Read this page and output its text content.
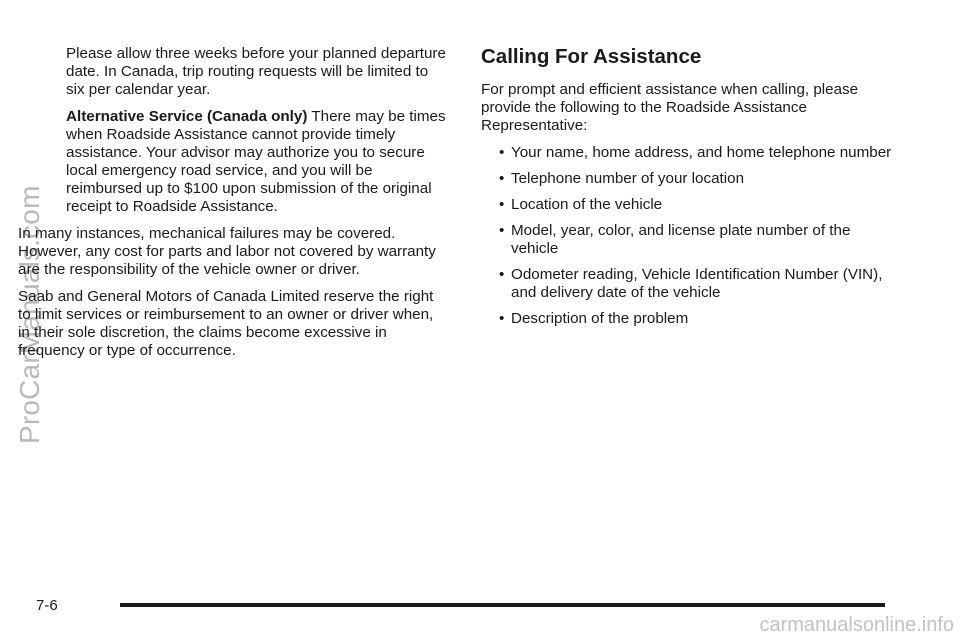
ProCarManuals.com

Please allow three weeks before your planned departure date. In Canada, trip routing requests will be limited to six per calendar year.

Alternative Service (Canada only) There may be times when Roadside Assistance cannot provide timely assistance. Your advisor may authorize you to secure local emergency road service, and you will be reimbursed up to $100 upon submission of the original receipt to Roadside Assistance.

In many instances, mechanical failures may be covered. However, any cost for parts and labor not covered by warranty are the responsibility of the vehicle owner or driver.

Saab and General Motors of Canada Limited reserve the right to limit services or reimbursement to an owner or driver when, in their sole discretion, the claims become excessive in frequency or type of occurrence.

Calling For Assistance

For prompt and efficient assistance when calling, please provide the following to the Roadside Assistance Representative:

• Your name, home address, and home telephone number
• Telephone number of your location
• Location of the vehicle
• Model, year, color, and license plate number of the vehicle
• Odometer reading, Vehicle Identification Number (VIN), and delivery date of the vehicle
• Description of the problem
7-6
carmanualsonline.info
